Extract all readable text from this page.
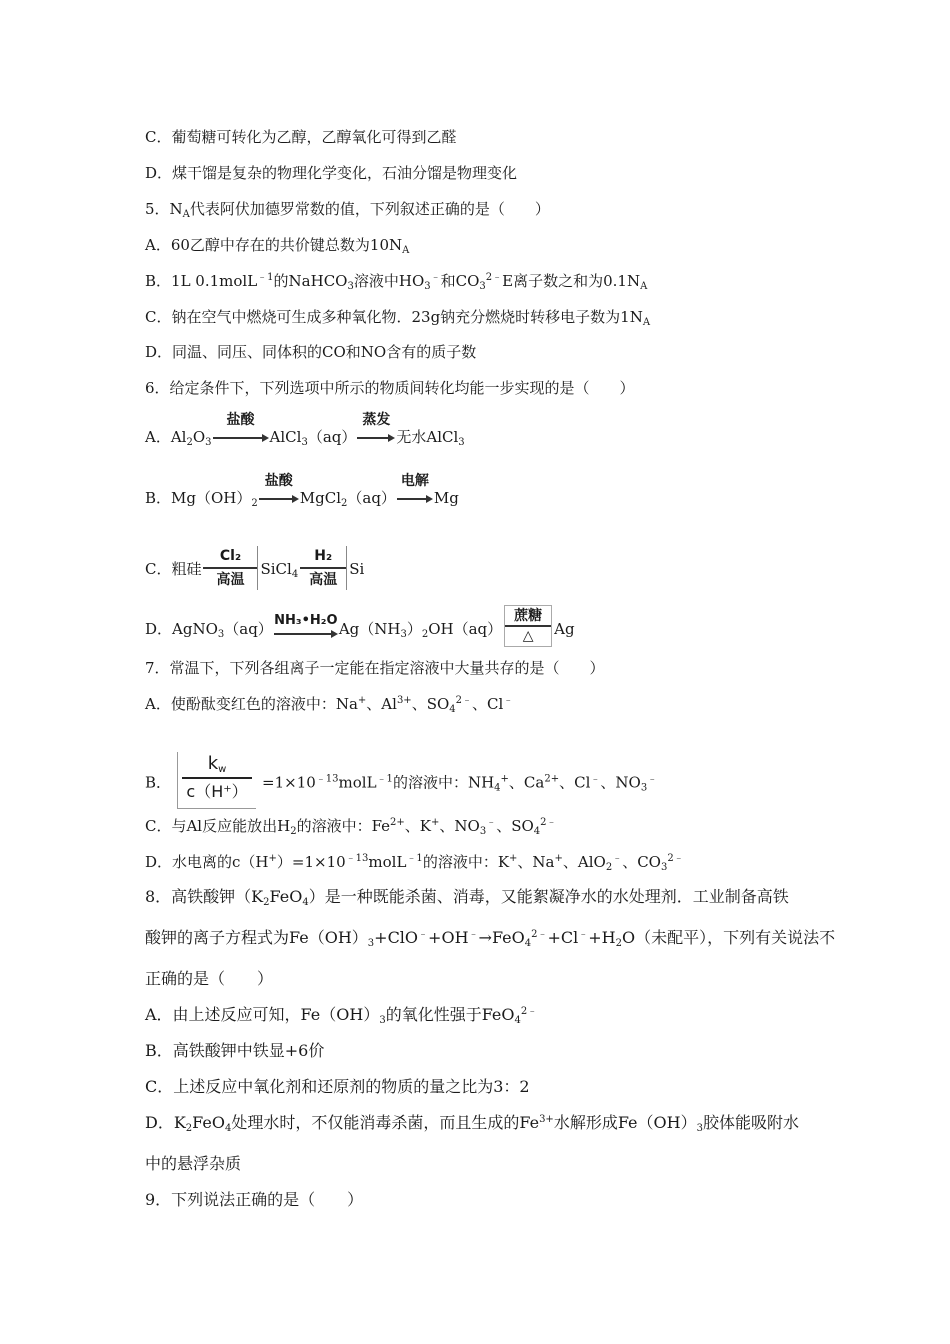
C．葡萄糖可转化为乙醇，乙醇氧化可得到乙醛
D．煤干馏是复杂的物理化学变化，石油分馏是物理变化
5．$N_A$代表阿伏加德罗常数的值，下列叙述正确的是（　　）
A．60乙醇中存在的共价键总数为$10N_A$
B．1L 0.1molL$^{﹣1}$的NaHCO$_3$溶液中$HO_3^﹣$和$CO_3^{2﹣}E$离子数之和为$0.1N_A$
C．钠在空气中燃烧可生成多种氧化物．23g钠充分燃烧时转移电子数为$1N_A$
D．同温、同压、同体积的CO和NO含有的质子数
6．给定条件下，下列选项中所示的物质间转化均能一步实现的是（　　）
A．$Al_2O_3$
盐酸
AlCl$_3$（aq）
蒸发
无水AlCl$_3$
B．$Mg(OH)_2$
盐酸
MgCl$_2$（aq）
电解
Mg
C．粗硅
Cl₂
高温
SiCl$_4$
H₂
高温
Si
D．AgNO$_3$（aq） NH₃•H₂O $Ag(NH_3)_2OH(aq)$
蔗糖
△	Ag
7．常温下，下列各组离子一定能在指定溶液中大量共存的是（　　）
A．使酚酞变红色的溶液中：Na+、$Al^{3+}$、$SO_4^{2﹣}$、Cl﹣
B． $\frac{k_w}{c(H^+)}$ $=1\times 10^{﹣13}molL^{﹣1}$的溶液中：$NH_4^+$、$Ca^{2+}$、Cl﹣、$NO_3^﹣$
C．与Al反应能放出$H_2$的溶液中：$Fe^{2+}$、K+、$NO_3^﹣$、$SO_4^{2﹣}$
D．水电离的$c(H^+)=1\times 10^{﹣13}molL^{﹣1}$的溶液中：K+、Na+、AlO$_2$﹣、$CO_3^{2﹣}$
8．高铁酸钾$(K_2FeO_4)$是一种既能杀菌、消毒，又能絮凝净水的水处理剂．工业制备高铁
酸钾的离子方程式为$Fe(OH)_3+ClO^﹣+OH^﹣\to FeO_4^{2﹣}+Cl^﹣+H_2O$（未配平），下列有关说法不
正确的是（　　）
A．由上述反应可知，$Fe(OH)_3$的氧化性强于FeO$_4^{2﹣}$
B．高铁酸钾中铁显+6价
C．上述反应中氧化剂和还原剂的物质的量之比为3：2
D．$K_2FeO_4$处理水时，不仅能消毒杀菌，而且生成的$Fe^{3+}$水解形成$Fe(OH)_3$胶体能吸附水
中的悬浮杂质
9．下列说法正确的是（　　）
